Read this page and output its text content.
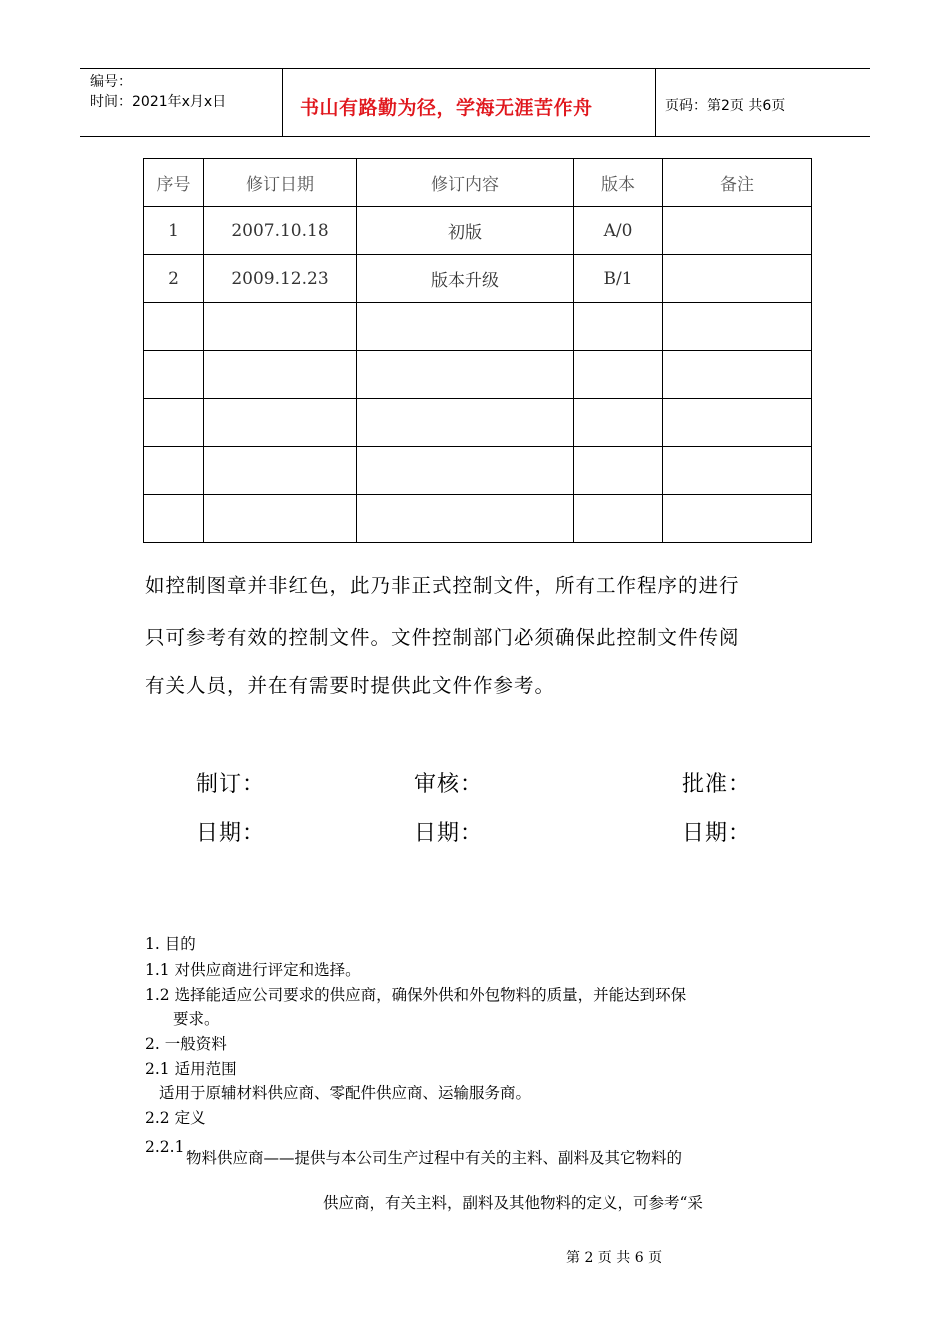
编号：
时间：2021年x月x日	书山有路勤为径，学海无涯苦作舟	页码：第2页 共6页
序号	修订日期	修订内容	版本	备注
1	2007.10.18	初版	A/0	
2	2009.12.23	版本升级	B/1	

如控制图章并非红色，此乃非正式控制文件，所有工作程序的进行
只可参考有效的控制文件。文件控制部门必须确保此控制文件传阅
有关人员，并在有需要时提供此文件作参考。
制订：	审核：	批准：
日期：	日期：	日期：
1. 目的
1.1 对供应商进行评定和选择。
1.2 选择能适应公司要求的供应商，确保外供和外包物料的质量，并能达到环保
要求。
2. 一般资料
2.1 适用范围
适用于原辅材料供应商、零配件供应商、运输服务商。
2.2 定义
2.2.1
物料供应商——提供与本公司生产过程中有关的主料、副料及其它物料的
供应商，有关主料，副料及其他物料的定义，可参考“采
第 2 页 共 6 页
